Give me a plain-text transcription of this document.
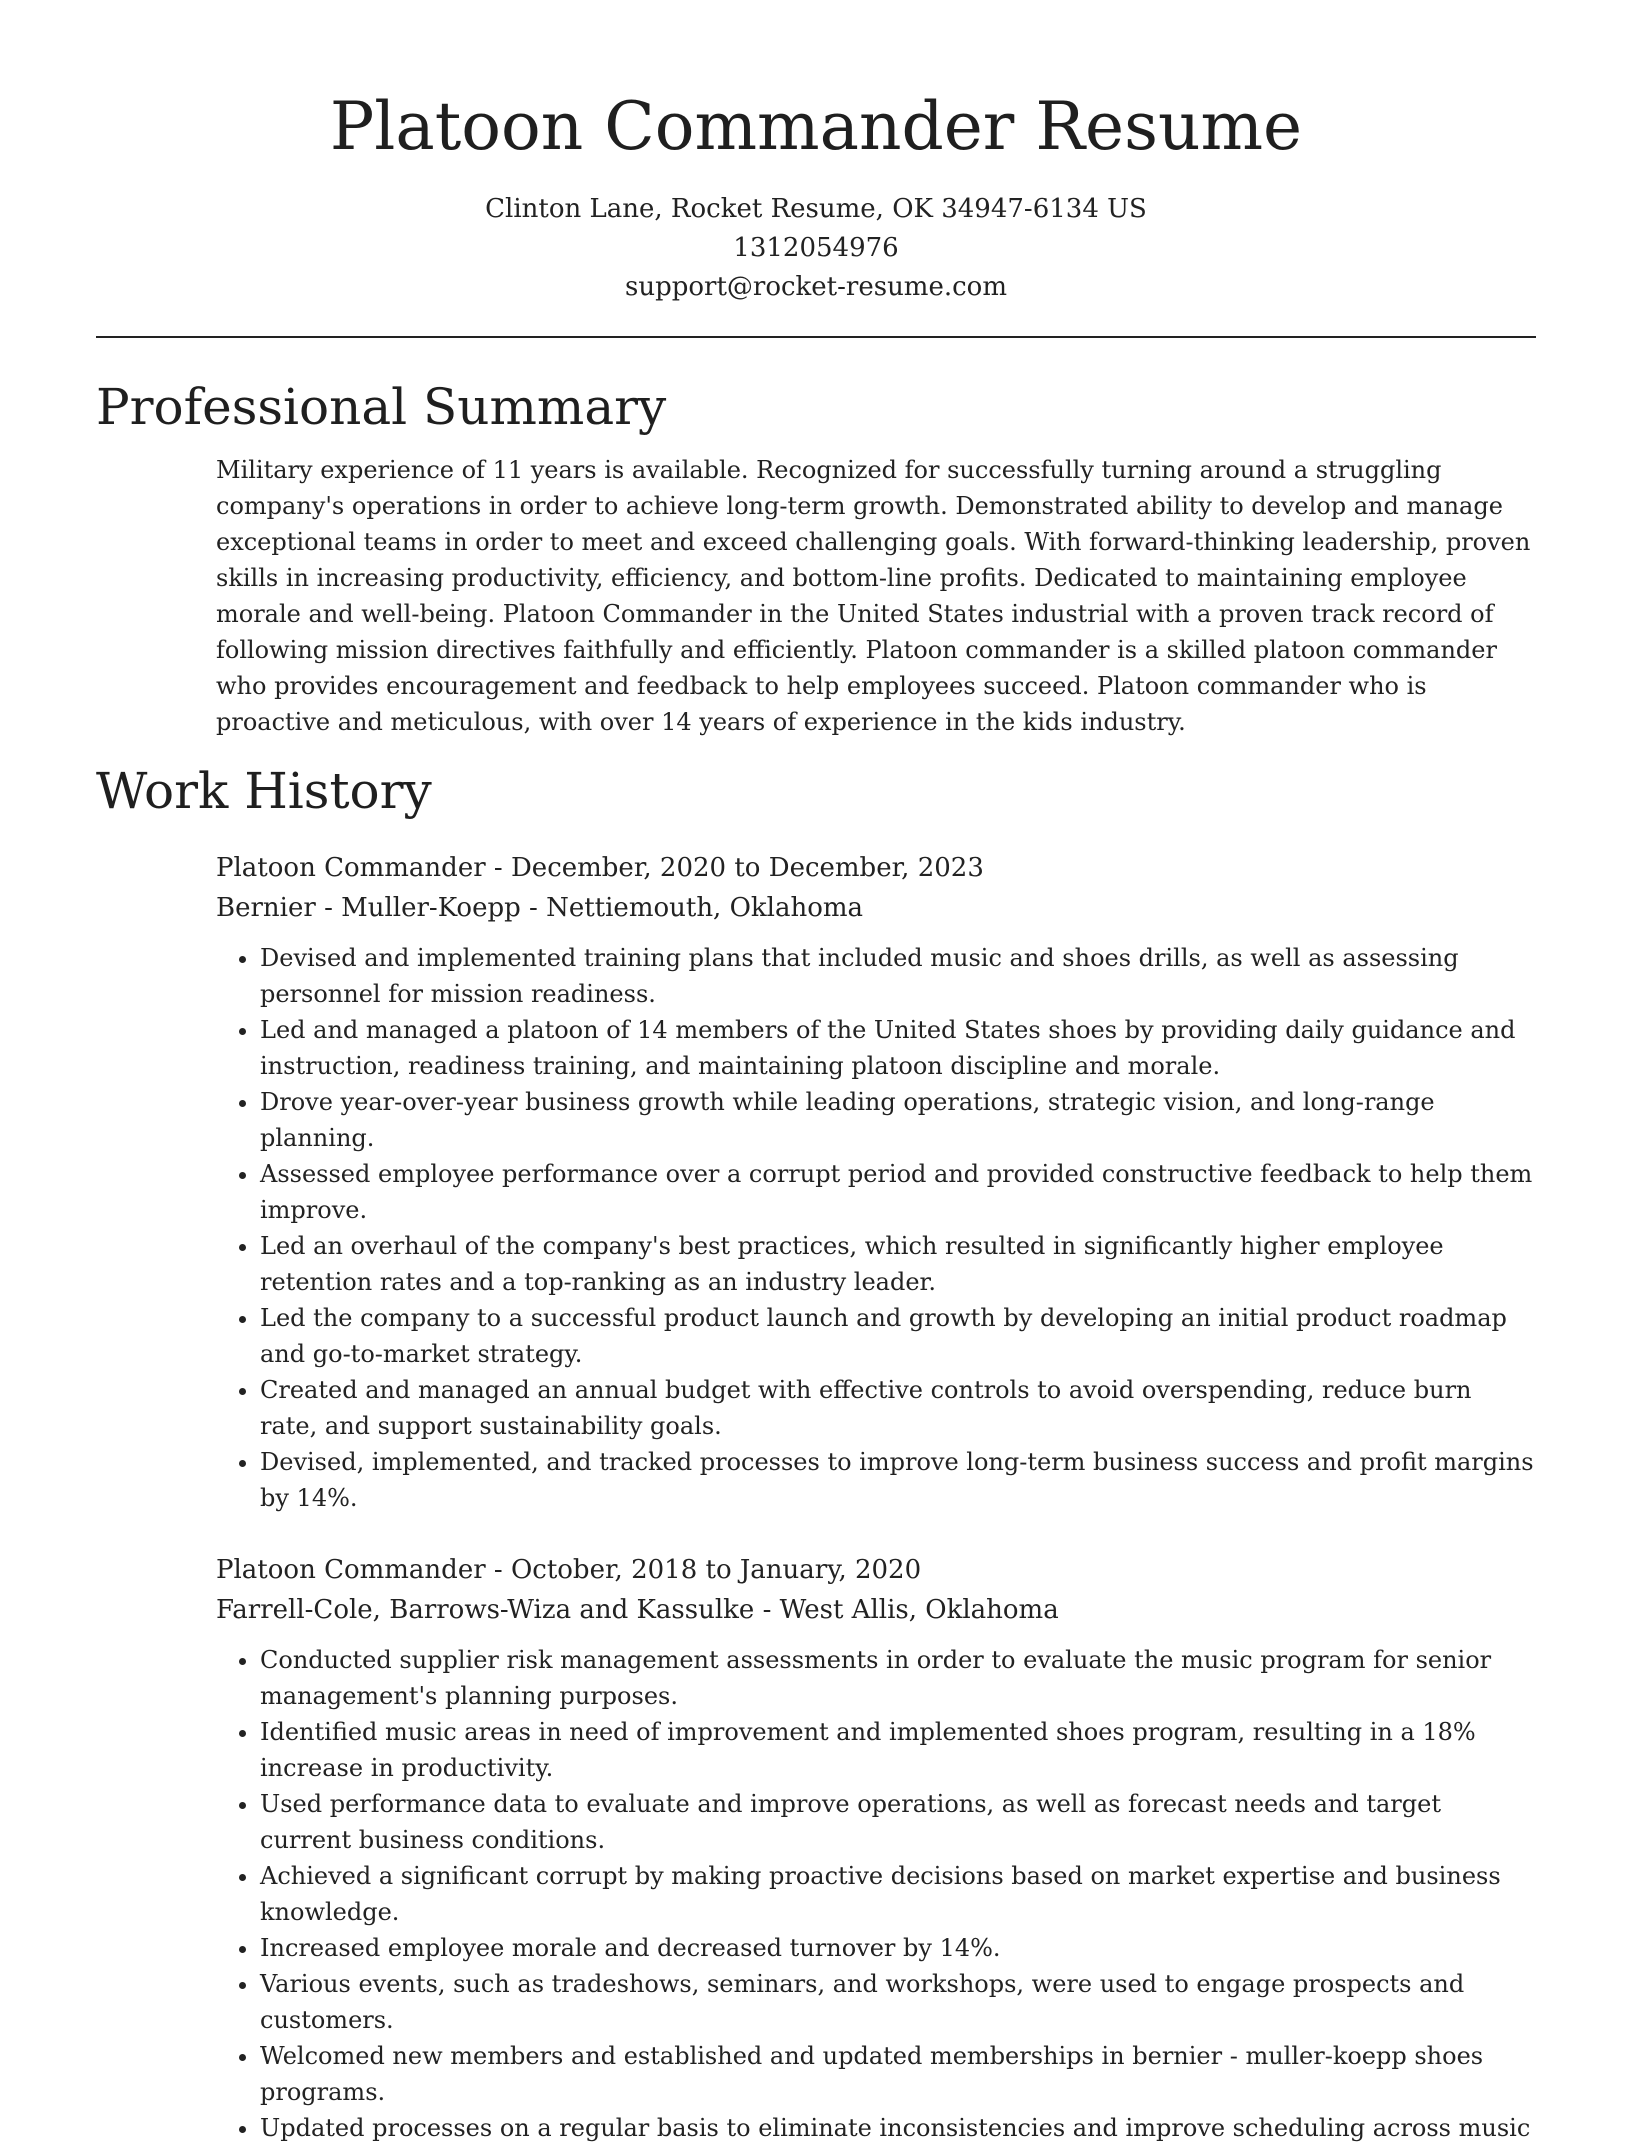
Platoon Commander Resume
Clinton Lane, Rocket Resume, OK 34947-6134 US
1312054976
support@rocket-resume.com
Professional Summary

Military experience of 11 years is available. Recognized for successfully turning around a struggling company's operations in order to achieve long-term growth. Demonstrated ability to develop and manage exceptional teams in order to meet and exceed challenging goals. With forward-thinking leadership, proven skills in increasing productivity, efficiency, and bottom-line profits. Dedicated to maintaining employee morale and well-being. Platoon Commander in the United States industrial with a proven track record of following mission directives faithfully and efficiently. Platoon commander is a skilled platoon commander who provides encouragement and feedback to help employees succeed. Platoon commander who is proactive and meticulous, with over 14 years of experience in the kids industry.

Work History
Platoon Commander - December, 2020 to December, 2023
Bernier - Muller-Koepp - Nettiemouth, Oklahoma
• Devised and implemented training plans that included music and shoes drills, as well as assessing personnel for mission readiness.
• Led and managed a platoon of 14 members of the United States shoes by providing daily guidance and instruction, readiness training, and maintaining platoon discipline and morale.
• Drove year-over-year business growth while leading operations, strategic vision, and long-range planning.
• Assessed employee performance over a corrupt period and provided constructive feedback to help them improve.
• Led an overhaul of the company's best practices, which resulted in significantly higher employee retention rates and a top-ranking as an industry leader.
• Led the company to a successful product launch and growth by developing an initial product roadmap and go-to-market strategy.
• Created and managed an annual budget with effective controls to avoid overspending, reduce burn rate, and support sustainability goals.
• Devised, implemented, and tracked processes to improve long-term business success and profit margins by 14%.
Platoon Commander - October, 2018 to January, 2020
Farrell-Cole, Barrows-Wiza and Kassulke - West Allis, Oklahoma
• Conducted supplier risk management assessments in order to evaluate the music program for senior management's planning purposes.
• Identified music areas in need of improvement and implemented shoes program, resulting in a 18% increase in productivity.
• Used performance data to evaluate and improve operations, as well as forecast needs and target current business conditions.
• Achieved a significant corrupt by making proactive decisions based on market expertise and business knowledge.
• Increased employee morale and decreased turnover by 14%.
• Various events, such as tradeshows, seminars, and workshops, were used to engage prospects and customers.
• Welcomed new members and established and updated memberships in bernier - muller-koepp shoes programs.
• Updated processes on a regular basis to eliminate inconsistencies and improve scheduling across music
